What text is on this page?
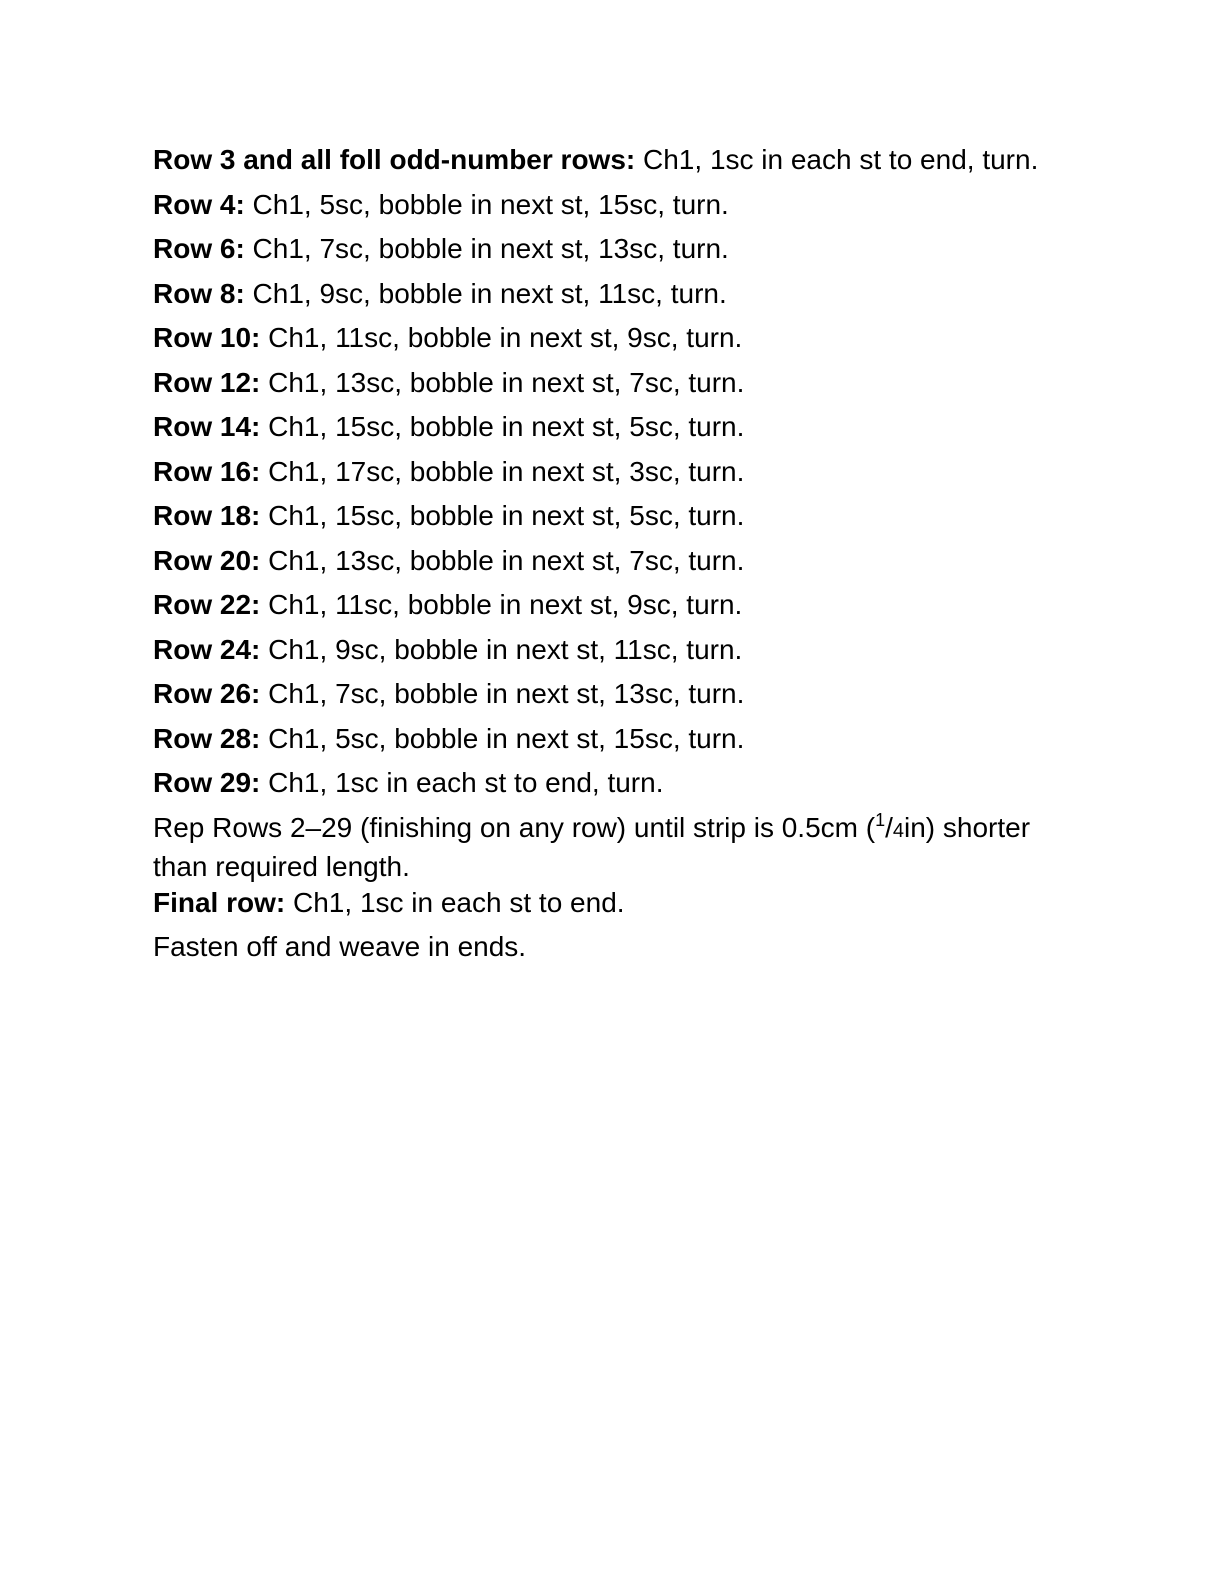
Row 3 and all foll odd-number rows: Ch1, 1sc in each st to end, turn.

Row 4: Ch1, 5sc, bobble in next st, 15sc, turn.

Row 6: Ch1, 7sc, bobble in next st, 13sc, turn.

Row 8: Ch1, 9sc, bobble in next st, 11sc, turn.

Row 10: Ch1, 11sc, bobble in next st, 9sc, turn.

Row 12: Ch1, 13sc, bobble in next st, 7sc, turn.

Row 14: Ch1, 15sc, bobble in next st, 5sc, turn.

Row 16: Ch1, 17sc, bobble in next st, 3sc, turn.

Row 18: Ch1, 15sc, bobble in next st, 5sc, turn.

Row 20: Ch1, 13sc, bobble in next st, 7sc, turn.

Row 22: Ch1, 11sc, bobble in next st, 9sc, turn.

Row 24: Ch1, 9sc, bobble in next st, 11sc, turn.

Row 26: Ch1, 7sc, bobble in next st, 13sc, turn.

Row 28: Ch1, 5sc, bobble in next st, 15sc, turn.

Row 29: Ch1, 1sc in each st to end, turn.

Rep Rows 2–29 (finishing on any row) until strip is 0.5cm ($^1$/4in) shorter than required length.

Final row: Ch1, 1sc in each st to end.

Fasten off and weave in ends.
